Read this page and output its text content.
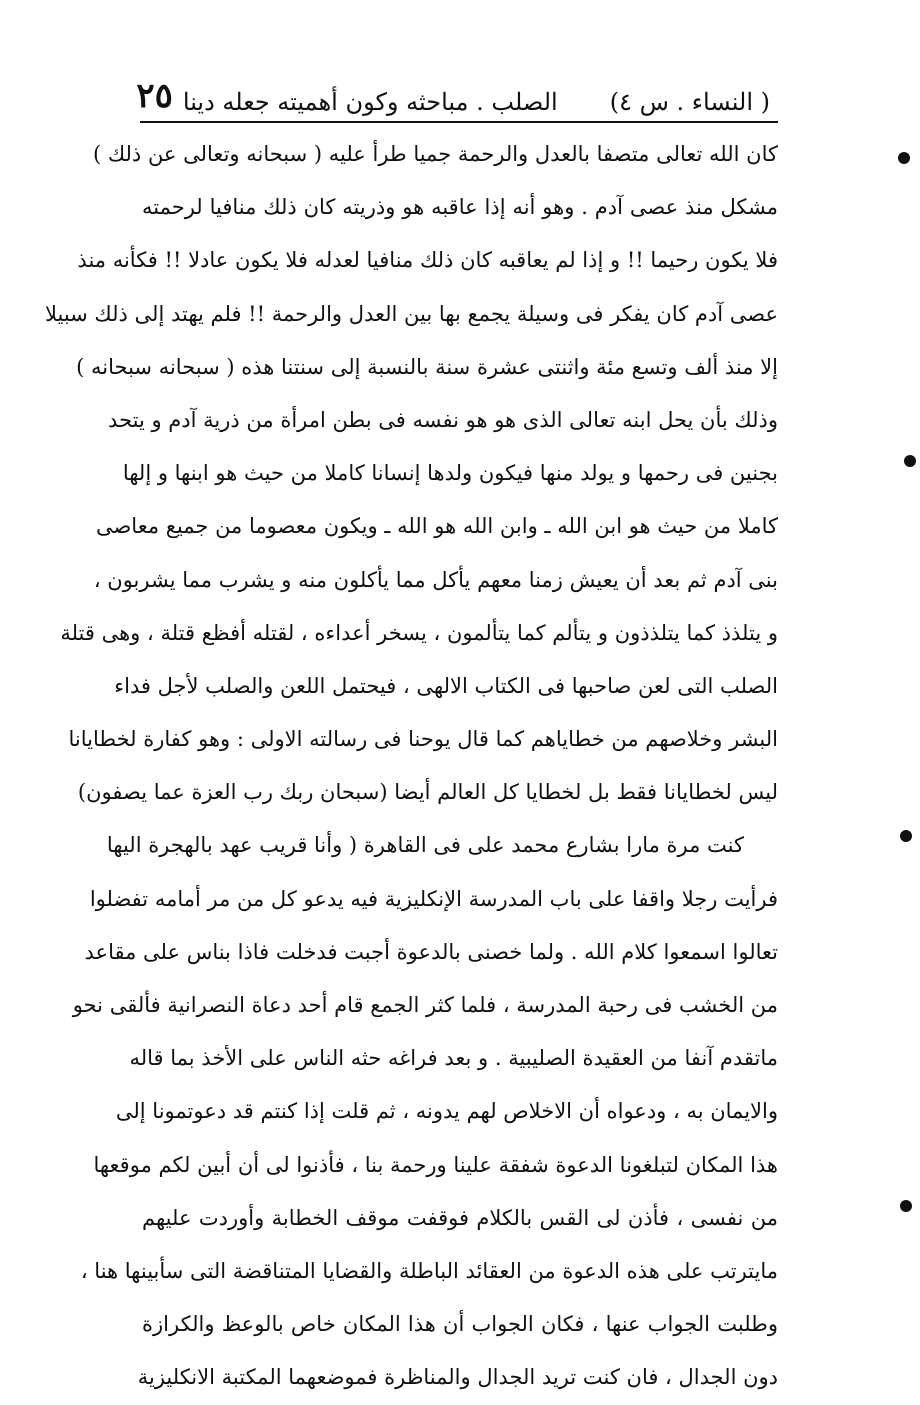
( النساء . س ٤)
الصلب . مباحثه وكون أهميته جعله دينا
٢٥
كان الله تعالى متصفا بالعدل والرحمة جميا طرأ عليه ( سبحانه وتعالى عن ذلك )
مشكل منذ عصى آدم . وهو أنه إذا عاقبه هو وذريته كان ذلك منافيا لرحمته
فلا يكون رحيما !! و إذا لم يعاقبه كان ذلك منافيا لعدله فلا يكون عادلا !! فكأنه منذ
عصى آدم كان يفكر فى وسيلة يجمع بها بين العدل والرحمة !! فلم يهتد إلى ذلك سبيلا
إلا منذ ألف وتسع مئة واثنتى عشرة سنة بالنسبة إلى سنتنا هذه ( سبحانه سبحانه )
وذلك بأن يحل ابنه تعالى الذى هو هو نفسه فى بطن امرأة من ذرية آدم و يتحد
بجنين فى رحمها و يولد منها فيكون ولدها إنسانا كاملا من حيث هو ابنها و إلها
كاملا من حيث هو ابن الله ـ وابن الله هو الله ـ ويكون معصوما من جميع معاصى
بنى آدم ثم بعد أن يعيش زمنا معهم يأكل مما يأكلون منه و يشرب مما يشربون ،
و يتلذذ كما يتلذذون و يتألم كما يتألمون ، يسخر أعداءه ، لقتله أفظع قتلة ، وهى قتلة
الصلب التى لعن صاحبها فى الكتاب الالهى ، فيحتمل اللعن والصلب لأجل فداء
البشر وخلاصهم من خطاياهم كما قال يوحنا فى رسالته الاولى : وهو كفارة لخطايانا
ليس لخطايانا فقط بل لخطايا كل العالم أيضا (سبحان ربك رب العزة عما يصفون)
كنت مرة مارا بشارع محمد على فى القاهرة ( وأنا قريب عهد بالهجرة اليها
فرأيت رجلا واقفا على باب المدرسة الإنكليزية فيه يدعو كل من مر أمامه تفضلوا
تعالوا اسمعوا كلام الله . ولما خصنى بالدعوة أجبت فدخلت فاذا بناس على مقاعد
من الخشب فى رحبة المدرسة ، فلما كثر الجمع قام أحد دعاة النصرانية فألقى نحو
ماتقدم آنفا من العقيدة الصليبية . و بعد فراغه حثه الناس على الأخذ بما قاله
والايمان به ، ودعواه أن الاخلاص لهم يدونه ، ثم قلت إذا كنتم قد دعوتمونا إلى
هذا المكان لتبلغونا الدعوة شفقة علينا ورحمة بنا ، فأذنوا لى أن أبين لكم موقعها
من نفسى ، فأذن لى القس بالكلام فوقفت موقف الخطابة وأوردت عليهم
مايترتب على هذه الدعوة من العقائد الباطلة والقضايا المتناقضة التى سأبينها هنا ،
وطلبت الجواب عنها ، فكان الجواب أن هذا المكان خاص بالوعظ والكرازة
دون الجدال ، فان كنت تريد الجدال والمناظرة فموضعهما المكتبة الانكليزية
